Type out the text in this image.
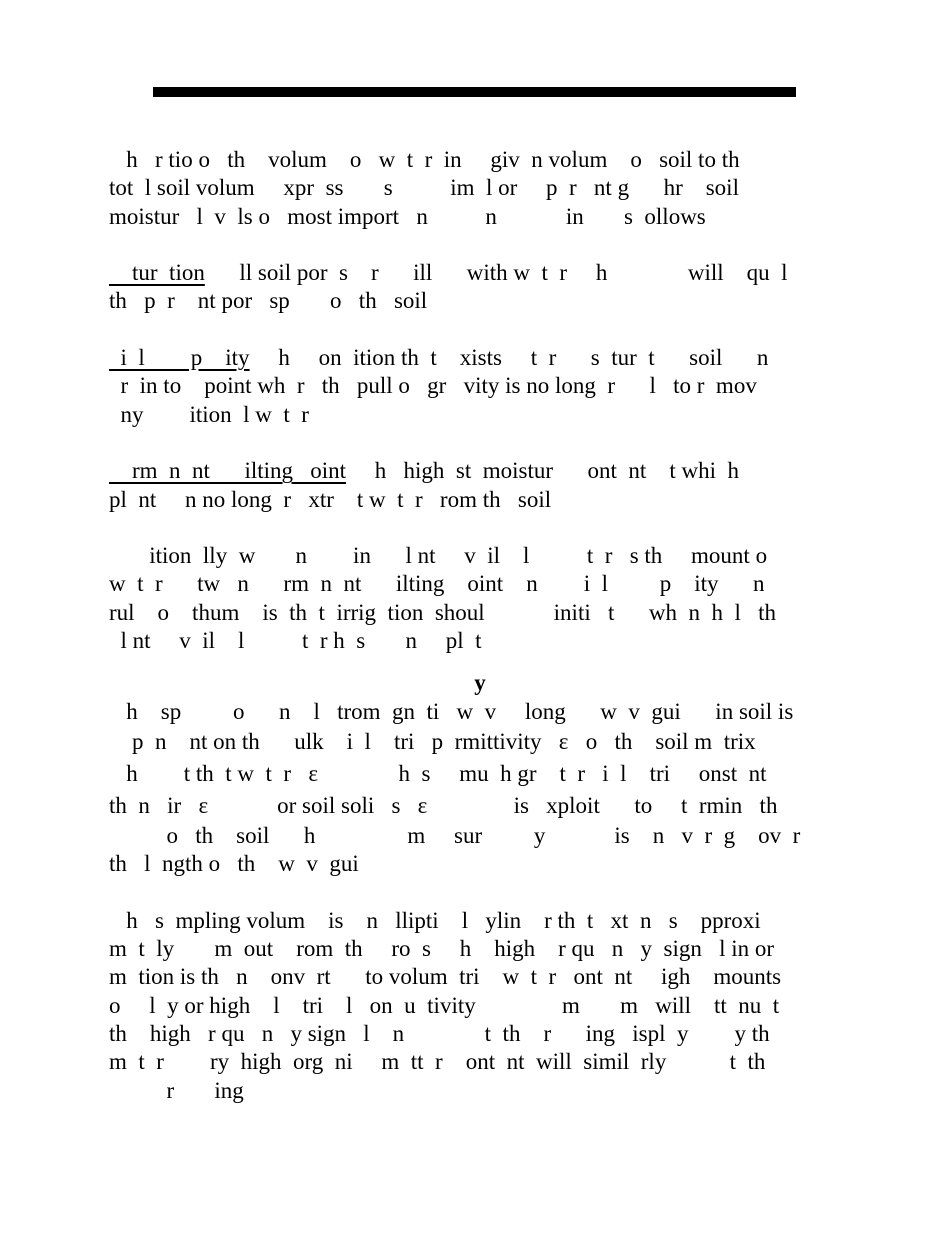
h   r tio o   th    volum    o   w  t  r  in     giv  n volum    o   soil to th
tot  l soil volum     xpr  ss       s          im  l or     p  r   nt g      hr    soil
moistur   l  v  ls o   most import   n          n            in       s  ollows
tur  tion      ll soil por  s    r      ill      with w  t  r     h              will    qu  l
th   p  r    nt por   sp       o   th   soil
i  l        p    ity     h     on  ition th  t    xists     t  r      s  tur  t      soil      n
r  in to    point wh  r   th   pull o   gr   vity is no long  r      l   to r  mov
ny        ition  l w  t  r
rm  n  nt      ilting   oint     h   high  st  moistur      ont  nt    t whi  h
pl  nt     n no long  r   xtr    t w  t  r   rom th   soil
ition  lly  w       n        in      l nt     v  il    l          t  r   s th     mount o
w  t  r      tw   n      rm  n  nt      ilting    oint    n        i  l         p    ity      n
rul    o    thum    is  th  t  irrig  tion  shoul            initi   t      wh  n  h  l   th
l nt     v  il    l          t  r h  s       n     pl  t
y
h    sp         o      n    l   trom  gn  ti   w  v     long      w  v  gui      in soil is
p  n    nt on th      ulk    i  l    tri   p  rmittivity   ε   o   th    soil m  trix
h        t th  t w  t  r   ε              h  s     mu  h gr    t  r   i  l    tri     onst  nt
th  n   ir   ε            or soil soli   s   ε               is   xploit      to     t  rmin   th
o   th    soil      h                m     sur         y            is    n   v  r  g    ov  r
th   l  ngth o   th    w  v  gui
h   s  mpling volum    is    n   llipti    l   ylin    r th  t   xt  n   s    pproxi
m  t  ly       m  out    rom  th     ro  s     h    high    r qu   n   y  sign   l in or
m  tion is th   n    onv  rt      to volum  tri    w  t  r   ont  nt     igh    mounts
o     l  y or high    l    tri    l   on  u  tivity               m       m   will    tt  nu  t
th    high   r qu   n   y sign   l    n              t  th    r      ing   ispl  y        y th
m  t  r        ry  high  org  ni     m  tt  r    ont  nt  will  simil  rly           t  th
r       ing
